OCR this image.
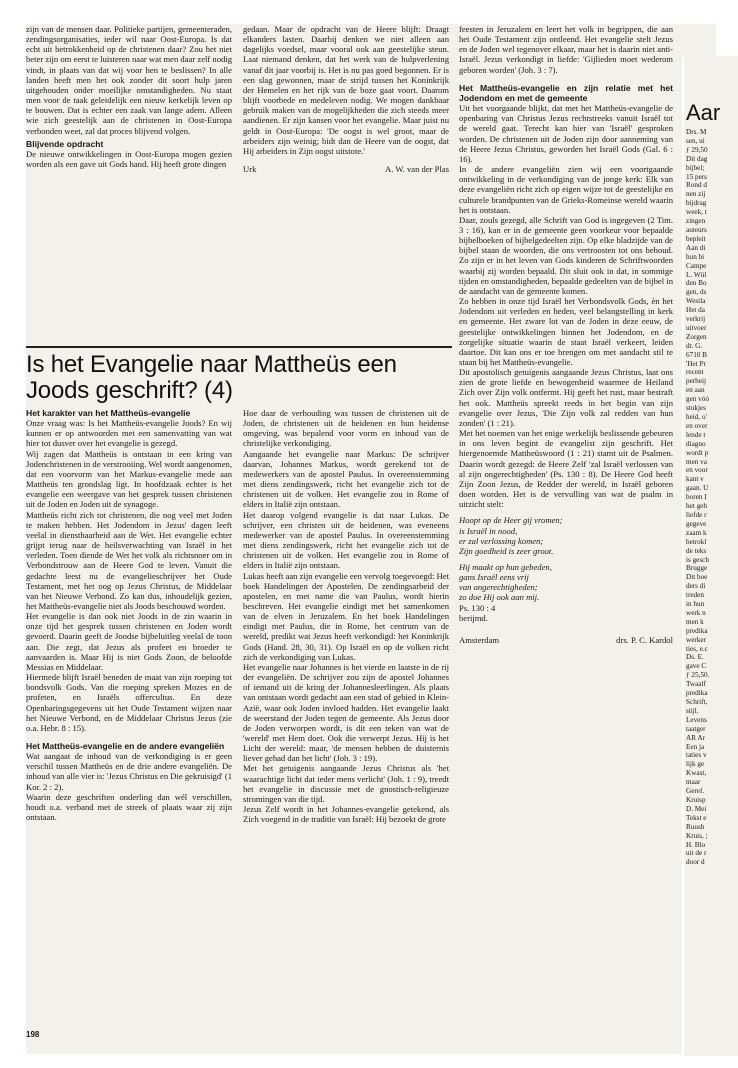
zijn van de mensen daar. Politieke partijen, gemeenteraden, zendingsorganisaties, ieder wil naar Oost-Europa. Is dat echt uit betrokkenheid op de christenen daar? Zou het niet beter zijn om eerst te luisteren naar wat men daar zelf nodig vindt, in plaats van dat wij voor hen te beslissen? In alle landen heeft men het ook zonder dit soort hulp jaren uitgehouden onder moeilijke omstandigheden. Nu staat men voor de taak geleidelijk een nieuw kerkelijk leven op te bouwen. Dat is echter een zaak van lange adem. Alleen wie zich geestelijk aan de christenen in Oost-Europa verbonden weet, zal dat proces blijvend volgen.

Blijvende opdracht

De nieuwe ontwikkelingen in Oost-Europa mogen gezien worden als een gave uit Gods hand. Hij heeft grote dingen

gedaan. Maar de opdracht van de Heere blijft: Draagt elkanders lasten. Daarbij denken we niet alleen aan dagelijks voedsel, maar vooral ook aan geestelijke steun. Laat niemand denken, dat het werk van de hulpverlening vanaf dit jaar voorbij is. Het is nu pas goed begonnen. Er is een slag gewonnen, maar de strijd tussen het Koninkrijk der Hemelen en het rijk van de boze gaat voort. Daarom blijft voorbede en medeleven nodig. We mogen dankbaar gebruik maken van de mogelijkheden die zich steeds meer aandienen. Er zijn kansen voor het evangelie. Maar juist nu geldt in Oost-Europa: 'De oogst is wel groot, maar de arbeiders zijn weinig; bidt dan de Heere van de oogst, dat Hij arbeiders in Zijn oogst uitstote.'

Urk	A. W. van der Plas
Is het Evangelie naar Mattheüs een Joods geschrift? (4)
Het karakter van het Mattheüs-evangelie

Onze vraag was: Is het Mattheüs-evangelie Joods? En wij kunnen er op antwoorden met een samenvatting van wat hier tot dusver over het evangelie is gezegd.

Wij zagen dat Mattheüs is ontstaan in een kring van Jodenchristenen in de verstrooiing. Wel wordt aangenomen, dat een voorvorm van het Markus-evangelie mede aan Mattheüs ten grondslag ligt. In hoofdzaak echter is het evangelie een weergave van het gesprek tussen christenen uit de Joden en Joden uit de synagoge.

Mattheüs richt zich tot christenen, die nog veel met Joden te maken hebben. Het Jodendom in Jezus' dagen leeft veelal in diensthaarheid aan de Wet. Het evangelie echter grijpt terug naar de heilsverwachting van Israël in het verleden. Toen diende de Wet het volk als richtsnoer om in Verbondstrouw aan de Heere God te leven. Vanuit die gedachte leest nu de evangelieschrijver het Oude Testament, met het oog op Jezus Christus, de Middelaar van het Nieuwe Verbond. Zo kan dus, inhoudelijk gezien, het Mattheüs-evangelie niet als Joods beschouwd worden.

Het evangelie is dan ook niet Joods in de zin waarin in onze tijd het gesprek tussen christenen en Joden wordt gevoerd. Daarin geeft de Joodse bijbeluitleg veelal de toon aan. Die zegt, dat Jezus als profeet en broeder te aanvaarden is. Maar Hij is niet Gods Zoon, de beloofde Messias en Middelaar.

Hiermede blijft Israël beneden de maat van zijn roeping tot bondsvolk Gods. Van die roeping spreken Mozes en de profeten, en Israëls offercultus. En deze Openbaringsgegevens uit het Oude Testament wijzen naar het Nieuwe Verbond, en de Middelaar Christus Jezus (zie o.a. Hebr. 8 : 15).

Het Mattheüs-evangelie en de andere evangeliën

Wat aangaat de inhoud van de verkondiging is er geen verschil tussen Mattheüs en de drie andere evangeliën. De inhoud van alle vier is: 'Jezus Christus en Die gekruisigd' (1 Kor. 2 : 2).

Waarin deze geschriften onderling dan wél verschillen, houdt o.a. verband met de streek of plaats waar zij zijn ontstaan.

Hoe daar de verhouding was tussen de christenen uit de Joden, de christenen uit de heidenen en hun heidense omgeving, was bepalend voor vorm en inhoud van de christelijke verkondiging.

Aangaande het evangelie naar Markus: De schrijver daarvan, Johannes Markus, wordt gerekend tot de medewerkers van de apostel Paulus. In overeenstemming met diens zendingswerk, richt het evangelie zich tot de christenen uit de volken. Het evangelie zou in Rome of elders in Italië zijn ontstaan.

Het daarop volgend evangelie is dat naar Lukas. De schrijver, een christen uit de heidenen, was eveneens medewerker van de apostel Paulus. In overeenstemming met diens zendingswerk, richt het evangelie zich tot de christenen uit de volken. Het evangelie zou in Rome of elders in Italië zijn ontstaan.

Lukas heeft aan zijn evangelie een vervolg toegevoegd: Het boek Handelingen der Apostelen. De zendingsarbeid der apostelen, en met name die van Paulus, wordt hierin beschreven. Het evangelie eindigt met het samenkomen van de elven in Jeruzalem. En het boek Handelingen eindigt met Paulus, die in Rome, het centrum van de wereld, predikt wat Jezus heeft verkondigd: het Koninkrijk Gods (Hand. 28, 30, 31). Op Israël en op de volken richt zich de verkondiging van Lukas.

Het evangelie naar Johannes is het vierde en laatste in de rij der evangeliën. De schrijver zou zijn de apostel Johannes of iemand uit de kring der Johannesleerlingen. Als plaats van ontstaan wordt gedacht aan een stad of gebied in Klein-Azië, waar ook Joden invloed hadden. Het evangelie laakt de weerstand der Joden tegen de gemeente. Als Jezus door de Joden verworpen wordt, is dit een teken van wat de 'wereld' met Hem doet. Ook die verwerpt Jezus. Hij is het Licht der wereld: maar, 'de mensen hebben de duisternis liever gehad dan het licht' (Joh. 3 : 19).

Met het getuigenis aangaande Jezus Christus als 'het waarachtige licht dat ieder mens verlicht' (Joh. 1 : 9), treedt het evangelie in discussie met de gnostisch-religieuze stromingen van die tijd.

Jezus Zelf wordt in het Johannes-evangelie getekend, als Zich voegend in de traditie van Israël: Hij bezoekt de grote

feesten in Jeruzalem en leert het volk in begrippen, die aan het Oude Testament zijn ontleend. Het evangelie stelt Jezus en de Joden wel tegenover elkaar, maar het is daarin niet anti-Israël. Jezus verkondigt in liefde: 'Gijlieden moet wederom geboren worden' (Joh. 3 : 7).

Het Mattheüs-evangelie en zijn relatie met het Jodendom en met de gemeente

Uit het voorgaande blijkt, dat met het Mattheüs-evangelie de openbaring van Christus Jezus rechtstreeks vanuit Israël tot de wereld gaat. Terecht kan hier van 'Israël' gesproken worden. De christenen uit de Joden zijn door aanneming van de Heere Jezus Christus, geworden het Israël Gods (Gal. 6 : 16).

In de andere evangeliën zien wij een voortgaande ontwikkeling in de verkondiging van de jonge kerk: Elk van deze evangeliën richt zich op eigen wijze tot de geestelijke en culturele brandpunten van de Grieks-Romeinse wereld waarin het is ontstaan.

Daar, zouls gezegd, alle Schrift van God is ingegeven (2 Tim. 3 : 16), kan er in de gemeente geen voorkeur voor bepaalde bijbelboeken of bijbelgedeelten zijn. Op elke bladzijde van de bijbel staan de woorden, die ons vertroosten tot ons behoud. Zo zijn er in het leven van Gods kinderen de Schriftwoorden waarbij zij worden bepaald. Dit sluit ook in dat, in sommige tijden en omstandigheden, bepaalde gedeelten van de bijbel in de aandacht van de gemeente komen.

Zo hebben in onze tijd Israël het Verbondsvolk Gods, èn het Jodendom uit verleden en heden, veel belangstelling in kerk en gemeente. Het zware lot van de Joden in deze eeuw, de geestelijke ontwikkelingen binnen het Jodendom, en de zorgelijke situatie waarin de staat Israël verkeert, leiden daartoe. Dit kan ons er toe brengen om met aandacht stil te staan bij het Mattheüs-evangelie.

Dit apostolisch getuigenis aangaande Jezus Christus, laat ons zien de grote liefde en bewogenheid waarmee de Heiland Zich over Zijn volk ontfermt. Hij geeft het rust, maar bestraft het ook. Mattheüs spreekt reeds in het begin van zijn evangelie over Jezus, 'Die Zijn volk zal redden van hun zonden' (1 : 21).

Met het noemen van het enige werkelijk beslissende gebeuren in ons leven begint de evangelist zijn geschrift. Het hiergenoemde Mattheüswoord (1 : 21) stamt uit de Psalmen. Daarin wordt gezegd: de Heere Zelf 'zal Israël verlossen van al zijn ongerechtigheden' (Ps. 130 : 8). De Heere God heeft Zijn Zoon Jezus, de Redder der wereld, in Israël geboren doen worden. Het is de vervulling van wat de psalm in uitzicht stelt:

Hoopt op de Heer gij vromen;
is Israël in nood,
er zal verlossing komen;
Zijn goedheid is zeer groot.
Hij maakt op hun gebeden,
gans Israël eens vrij
van ongerechtigheden;
zo doe Hij ook aan mij.
Ps. 130 : 4
berijmd.
Amsterdam	drs. P. C. Kardol
198
Aar
Drs. M
sen, ui
ƒ 29,50
Dit dag
bijbel;
15 pers
Rond d
nen zij
bijdrag
week, t
zingen
auteurs
bepleit
Aan di
hun bi
Campe
L. Wül
den Bo
gen, ds
Westla
Het da
verkrij
uitvoer
Zorgen
dr. G.
6710 B
'Het Pr
recent
perheij
en aan
gen vóó
stukjes
heid, o'
en over
lende t
diagno
wordt p
men va
en voor
kant v
gaan. U
boren I
het geh
liefde r
gegeve
zaam k
betrokl
de teks
is gesch
Brugge
Dit boe
ders di
treden
in hun
werk n
men k
predika
werker
ties, e.c
Ds. E.
gave C
ƒ 25,50.
Twaalf
predika
Schrift,
stijl.
Levens
taatger
AR Ar
Een ja
taties v
lijk ge
Kwast,
maar
Geref.
Kruisp
D. Mei
Tekst e
Ruusb
Kruis, ;
H. Blo
uit de r
door d
